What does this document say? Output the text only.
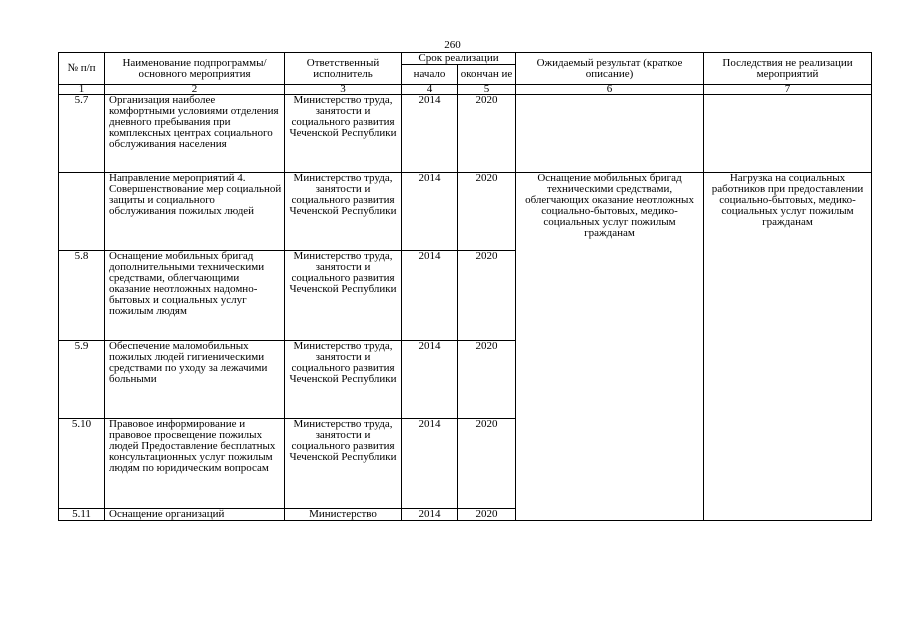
260
№ п/п	Наименование подпрограммы/ основного мероприятия	Ответственный исполнитель	Срок реализации		Ожидаемый результат (краткое описание)	Последствия не реализации мероприятий
			начало	окончан ие		
1	2	3	4	5	6	7
5.7	Организация наиболее комфортными условиями отделения дневного пребывания при комплексных центрах социального обслуживания населения	Министерство труда, занятости и социального развития Чеченской Республики	2014	2020		
	Направление мероприятий 4. Совершенствование мер социальной защиты и социального обслуживания пожилых людей	Министерство труда, занятости и социального развития Чеченской Республики	2014	2020	Оснащение мобильных бригад техническими средствами, облегчающих оказание неотложных социально-бытовых, медико-социальных услуг пожилым гражданам	Нагрузка на социальных работников при предоставлении социально-бытовых, медико-социальных услуг пожилым гражданам
5.8	Оснащение мобильных бригад дополнительными техническими средствами, облегчающими оказание неотложных надомно-бытовых и социальных услуг пожилым людям	Министерство труда, занятости и социального развития Чеченской Республики	2014	2020		
5.9	Обеспечение маломобильных пожилых людей гигиеническими средствами по уходу за лежачими больными	Министерство труда, занятости и социального развития Чеченской Республики	2014	2020		
5.10	Правовое информирование и правовое просвещение пожилых людей Предоставление бесплатных консультационных услуг пожилым людям по юридическим вопросам	Министерство труда, занятости и социального развития Чеченской Республики	2014	2020		
5.11	Оснащение организаций	Министерство	2014	2020		
